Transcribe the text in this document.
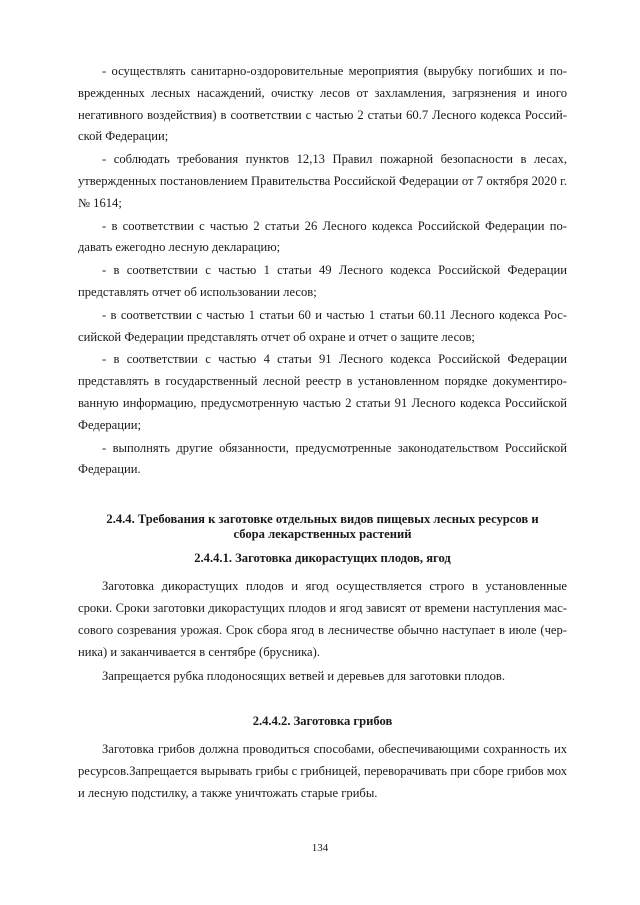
- осуществлять санитарно-оздоровительные мероприятия (вырубку погибших и поврежденных лесных насаждений, очистку лесов от захламления, загрязнения и иного негативного воздействия) в соответствии с частью 2 статьи 60.7 Лесного кодекса Российской Федерации;

- соблюдать требования пунктов 12,13 Правил пожарной безопасности в лесах, утвержденных постановлением Правительства Российской Федерации от 7 октября 2020 г. № 1614;

- в соответствии с частью 2 статьи 26 Лесного кодекса Российской Федерации подавать ежегодно лесную декларацию;

- в соответствии с частью 1 статьи 49 Лесного кодекса Российской Федерации представлять отчет об использовании лесов;

- в соответствии с частью 1 статьи 60 и частью 1 статьи 60.11 Лесного кодекса Российской Федерации представлять отчет об охране и отчет о защите лесов;

- в соответствии с частью 4 статьи 91 Лесного кодекса Российской Федерации представлять в государственный лесной реестр в установленном порядке документированную информацию, предусмотренную частью 2 статьи 91 Лесного кодекса Российской Федерации;

- выполнять другие обязанности, предусмотренные законодательством Российской Федерации.

2.4.4. Требования к заготовке отдельных видов пищевых лесных ресурсов и
сбора лекарственных растений
2.4.4.1. Заготовка дикорастущих плодов, ягод

Заготовка дикорастущих плодов и ягод осуществляется строго в установленные сроки. Сроки заготовки дикорастущих плодов и ягод зависят от времени наступления массового созревания урожая. Срок сбора ягод в лесничестве обычно наступает в июле (черника) и заканчивается в сентябре (брусника).

Запрещается рубка плодоносящих ветвей и деревьев для заготовки плодов.

2.4.4.2. Заготовка грибов

Заготовка грибов должна проводиться способами, обеспечивающими сохранность их ресурсов.Запрещается вырывать грибы с грибницей, переворачивать при сборе грибов мох и лесную подстилку, а также уничтожать старые грибы.

134
